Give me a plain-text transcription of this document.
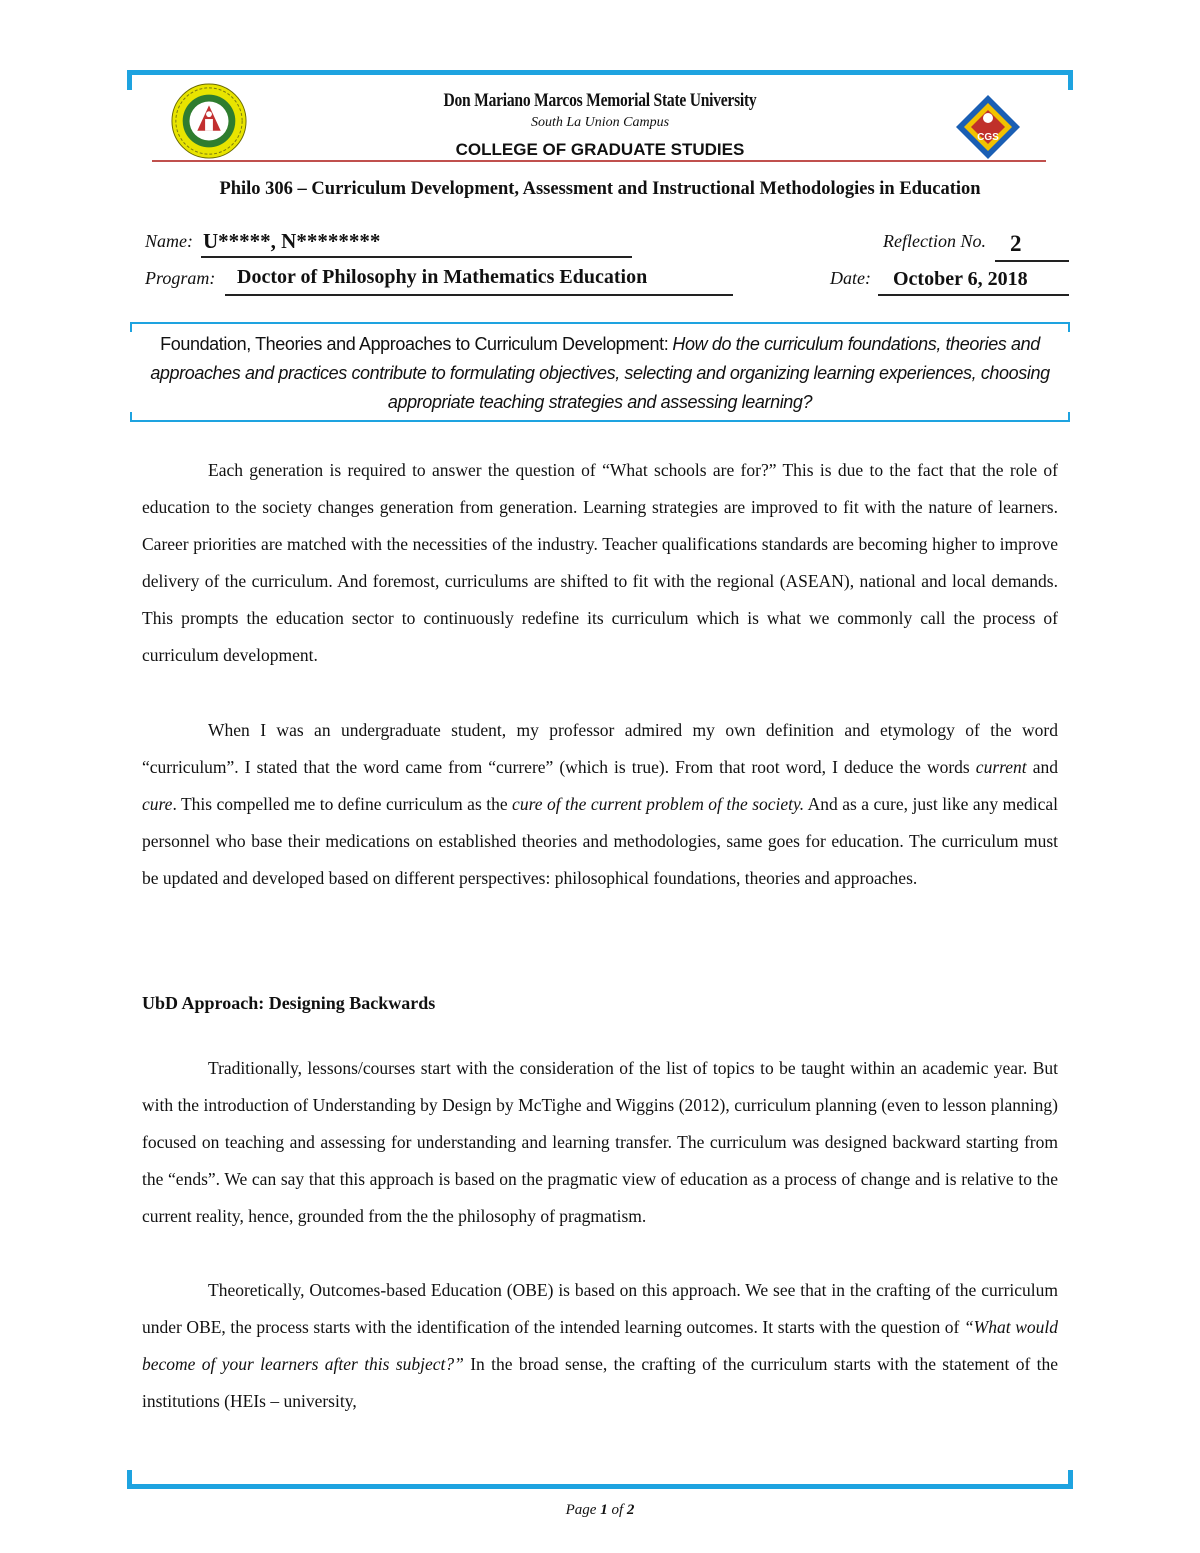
Don Mariano Marcos Memorial State University
South La Union Campus
COLLEGE OF GRADUATE STUDIES
CGS
Philo 306 – Curriculum Development, Assessment and Instructional Methodologies in Education
Name: U*****, N********	Reflection No. 2
Program: Doctor of Philosophy in Mathematics Education	Date: October 6, 2018
Foundation, Theories and Approaches to Curriculum Development: How do the curriculum foundations, theories and approaches and practices contribute to formulating objectives, selecting and organizing learning experiences, choosing appropriate teaching strategies and assessing learning?

Each generation is required to answer the question of “What schools are for?” This is due to the fact that the role of education to the society changes generation from generation. Learning strategies are improved to fit with the nature of learners. Career priorities are matched with the necessities of the industry. Teacher qualifications standards are becoming higher to improve delivery of the curriculum. And foremost, curriculums are shifted to fit with the regional (ASEAN), national and local demands. This prompts the education sector to continuously redefine its curriculum which is what we commonly call the process of curriculum development.

When I was an undergraduate student, my professor admired my own definition and etymology of the word “curriculum”. I stated that the word came from “currere” (which is true). From that root word, I deduce the words current and cure. This compelled me to define curriculum as the cure of the current problem of the society. And as a cure, just like any medical personnel who base their medications on established theories and methodologies, same goes for education. The curriculum must be updated and developed based on different perspectives: philosophical foundations, theories and approaches.

UbD Approach: Designing Backwards

Traditionally, lessons/courses start with the consideration of the list of topics to be taught within an academic year. But with the introduction of Understanding by Design by McTighe and Wiggins (2012), curriculum planning (even to lesson planning) focused on teaching and assessing for understanding and learning transfer. The curriculum was designed backward starting from the “ends”. We can say that this approach is based on the pragmatic view of education as a process of change and is relative to the current reality, hence, grounded from the the philosophy of pragmatism.

Theoretically, Outcomes-based Education (OBE) is based on this approach. We see that in the crafting of the curriculum under OBE, the process starts with the identification of the intended learning outcomes. It starts with the question of “What would become of your learners after this subject?” In the broad sense, the crafting of the curriculum starts with the statement of the institutions (HEIs – university,

Page 1 of 2
